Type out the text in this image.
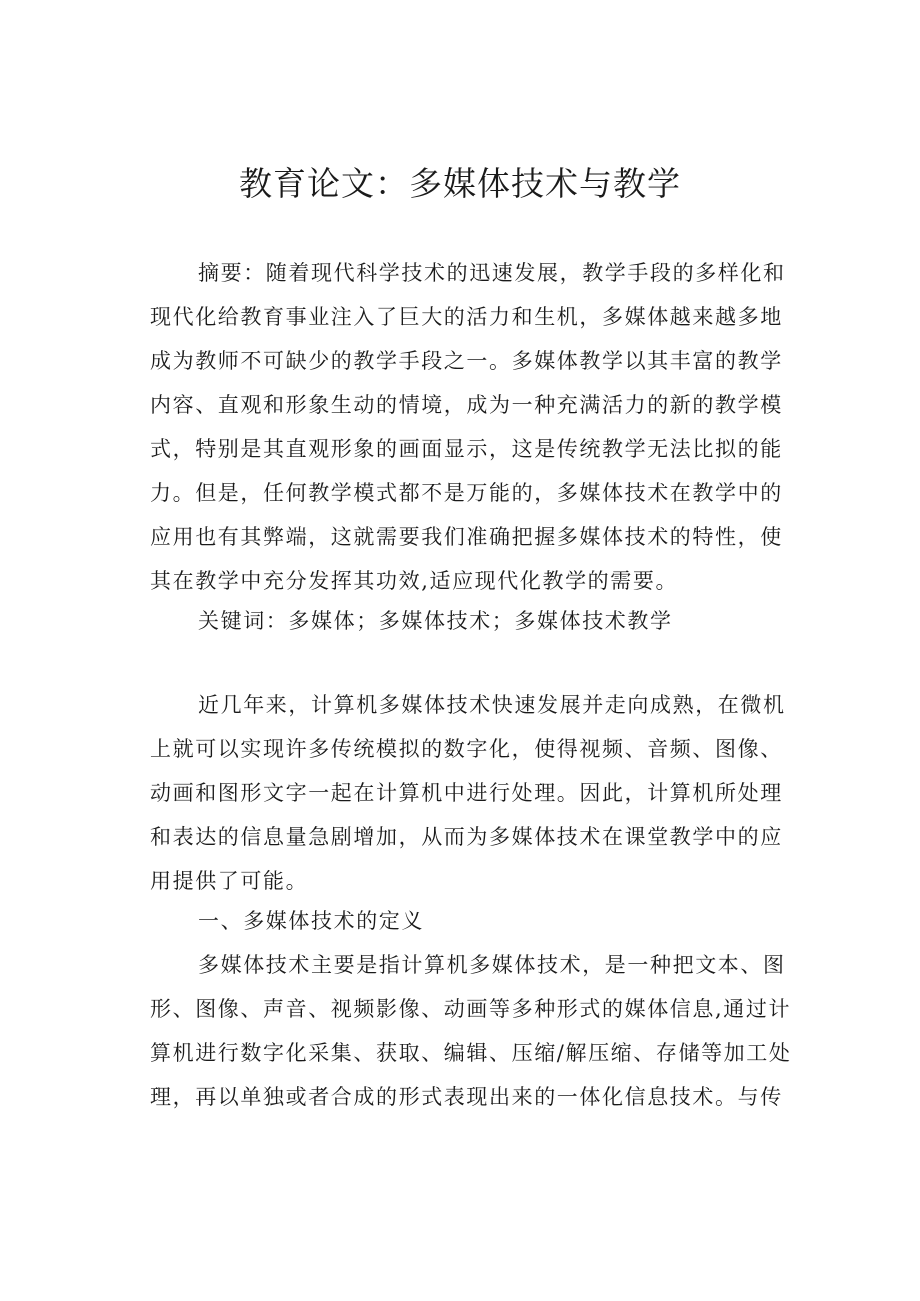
教育论文：多媒体技术与教学

摘要：随着现代科学技术的迅速发展，教学手段的多样化和

现代化给教育事业注入了巨大的活力和生机，多媒体越来越多地

成为教师不可缺少的教学手段之一。多媒体教学以其丰富的教学

内容、直观和形象生动的情境，成为一种充满活力的新的教学模

式，特别是其直观形象的画面显示，这是传统教学无法比拟的能

力。但是，任何教学模式都不是万能的，多媒体技术在教学中的

应用也有其弊端，这就需要我们准确把握多媒体技术的特性，使

其在教学中充分发挥其功效,适应现代化教学的需要。

关键词：多媒体；多媒体技术；多媒体技术教学

近几年来，计算机多媒体技术快速发展并走向成熟，在微机

上就可以实现许多传统模拟的数字化，使得视频、音频、图像、

动画和图形文字一起在计算机中进行处理。因此，计算机所处理

和表达的信息量急剧增加，从而为多媒体技术在课堂教学中的应

用提供了可能。

一、多媒体技术的定义

多媒体技术主要是指计算机多媒体技术，是一种把文本、图

形、图像、声音、视频影像、动画等多种形式的媒体信息,通过计

算机进行数字化采集、获取、编辑、压缩/解压缩、存储等加工处

理，再以单独或者合成的形式表现出来的一体化信息技术。与传
